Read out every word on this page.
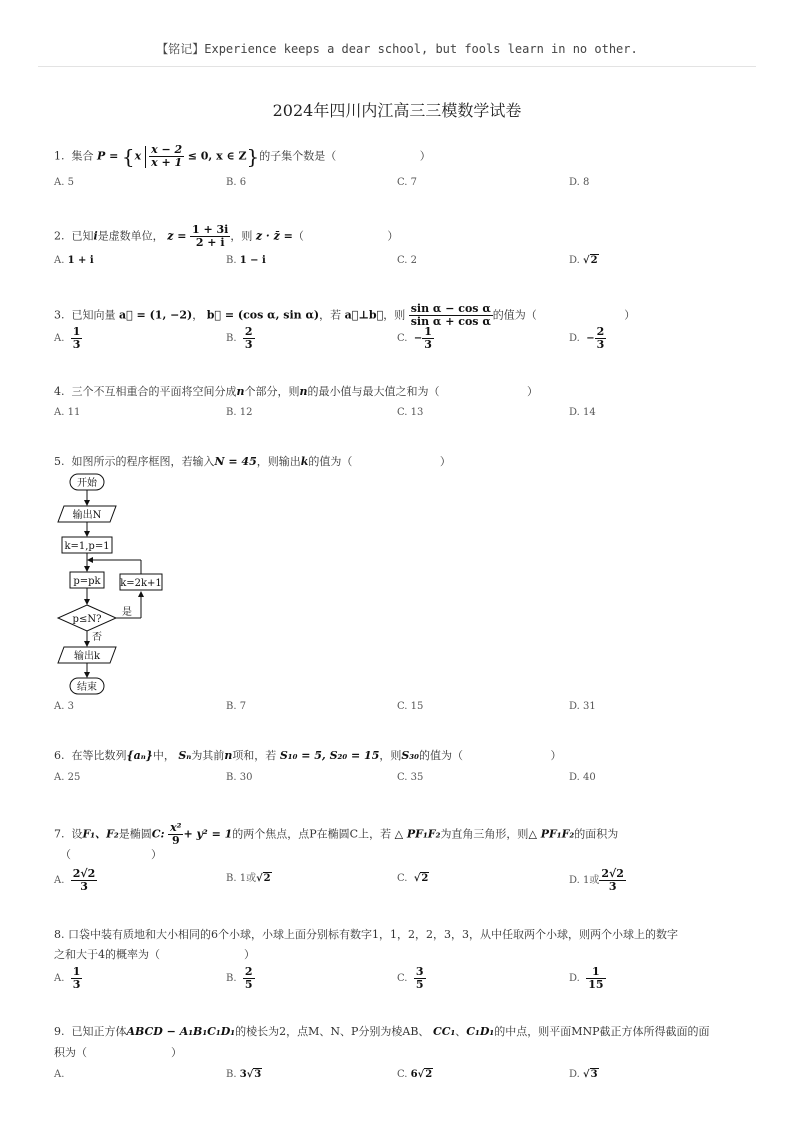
【铭记】Experience keeps a dear school, but fools learn in no other.
2024年四川内江高三三模数学试卷
1. 集合 $P = \{x \frac{x - 2}{x + 1} \le 0$, x ∈ Z}的子集个数是（	）
A. 5	B. 6	C. 7	D. 8
2. 已知i是虚数单位， $z = \frac{1 + 3i}{2 + i}$ ，则 z · z̄ =（	）
A. 1 + i	B. 1 − i	C. 2	D. √2
3. 已知向量 a⃗ = (1, −2)， b⃗ = (cos α, sin α)，若 a⃗⊥b⃗，则 $\frac{\text{sin α − cos α}}{\text{sin α + cos α}}$ 的值为（	）
A. $\frac{1}{3}$	B. $\frac{2}{3}$	C. − $\frac{1}{3}$	D. − $\frac{2}{3}$
4. 三个不互相重合的平面将空间分成n个部分，则n的最小值与最大值之和为（	）
A. 11	B. 12	C. 13	D. 14
5. 如图所示的程序框图，若输入N = 45，则输出k的值为（	）
开始
输出N
k=1,p=1
p=pk k=2k+1
p≤N?
是
否
输出k
结束
A. 3	B. 7	C. 15	D. 31
6. 在等比数列{aₙ}中， Sₙ为其前n项和，若 S₁₀ = 5, S₂₀ = 15，则S₃₀的值为（	）
A. 25	B. 30	C. 35	D. 40
7. 设F₁、F₂是椭圆C: $\frac{\text{x²}}{9} + y^2 = 1$的两个焦点，点P在椭圆C上，若 △ PF₁F₂为直角三角形，则△ PF₁F₂的面积为
（	）
A. $\frac{2√2}{3}$	B. 1或√2	C. √2	D. 1或 $\frac{2√2}{3}$
8. 口袋中装有质地和大小相同的6个小球，小球上面分别标有数字1，1，2，2，3，3，从中任取两个小球，则两个小球上的数字
之和大于4的概率为（	）
A. $\frac{1}{3}$	B. $\frac{2}{5}$	C. $\frac{3}{5}$	D. $\frac{1}{15}$
9. 已知正方体ABCD − A₁B₁C₁D₁的棱长为2，点M、N、P分别为棱AB、 CC₁、C₁D₁的中点，则平面MNP截正方体所得截面的面
积为（	）
A.	B. 3√3	C. 6√2	D. √3
